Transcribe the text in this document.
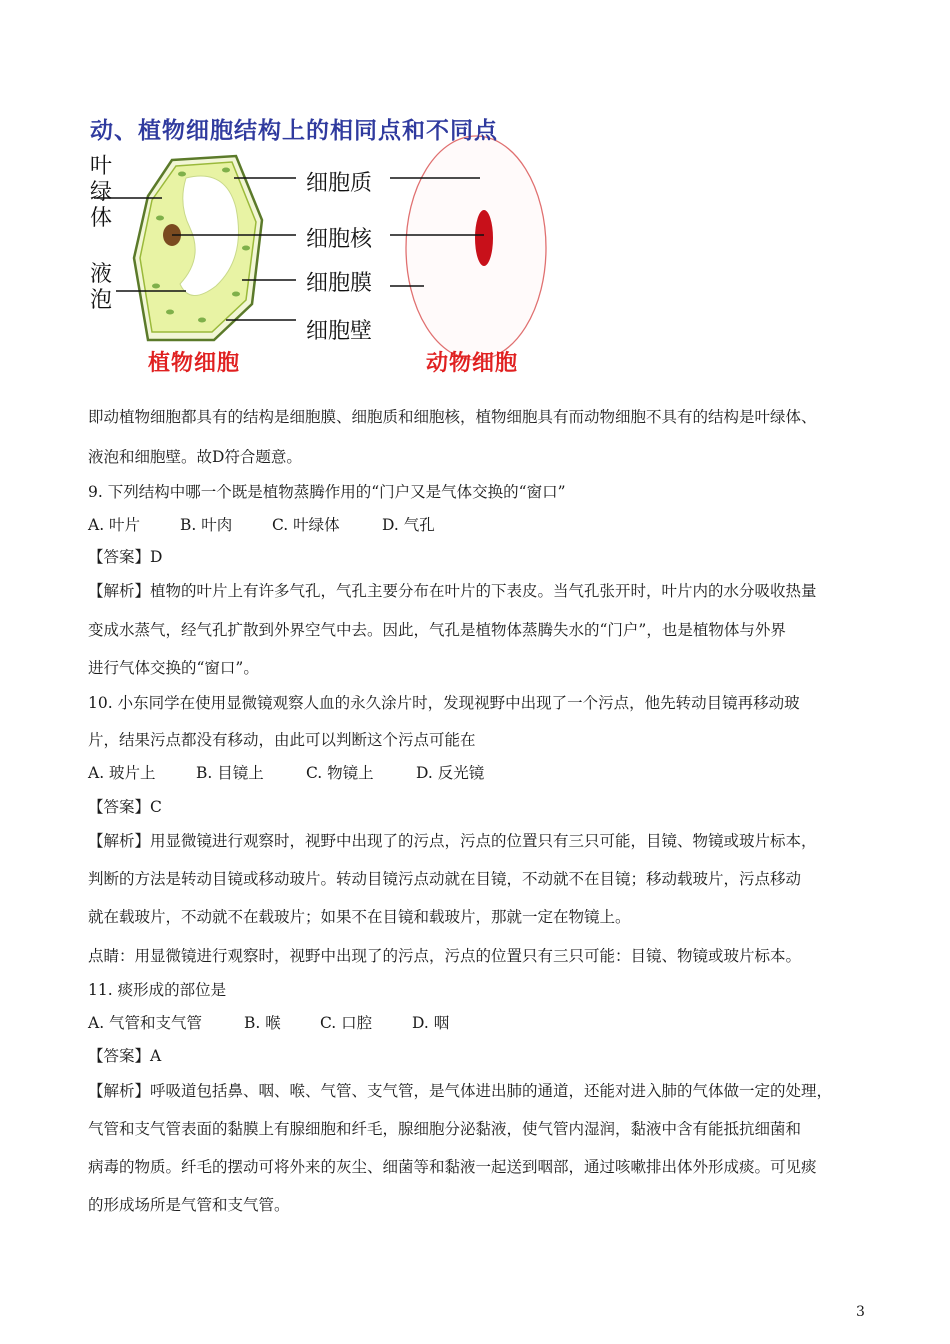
动、植物细胞结构上的相同点和不同点
叶绿体
液泡
细胞质
细胞核
细胞膜
细胞壁
植物细胞	动物细胞
即动植物细胞都具有的结构是细胞膜、细胞质和细胞核，植物细胞具有而动物细胞不具有的结构是叶绿体、
液泡和细胞壁。故D符合题意。
9. 下列结构中哪一个既是植物蒸腾作用的“门户又是气体交换的“窗口”
A. 叶片	B. 叶肉	C. 叶绿体	D. 气孔
【答案】D
【解析】植物的叶片上有许多气孔，气孔主要分布在叶片的下表皮。当气孔张开时，叶片内的水分吸收热量
变成水蒸气，经气孔扩散到外界空气中去。因此，气孔是植物体蒸腾失水的“门户”，也是植物体与外界
进行气体交换的“窗口”。
10. 小东同学在使用显微镜观察人血的永久涂片时，发现视野中出现了一个污点，他先转动目镜再移动玻
片，结果污点都没有移动，由此可以判断这个污点可能在
A. 玻片上	B. 目镜上	C. 物镜上	D. 反光镜
【答案】C
【解析】用显微镜进行观察时，视野中出现了的污点，污点的位置只有三只可能，目镜、物镜或玻片标本，
判断的方法是转动目镜或移动玻片。转动目镜污点动就在目镜，不动就不在目镜；移动载玻片，污点移动
就在载玻片，不动就不在载玻片；如果不在目镜和载玻片，那就一定在物镜上。
点睛：用显微镜进行观察时，视野中出现了的污点，污点的位置只有三只可能：目镜、物镜或玻片标本。
11. 痰形成的部位是
A. 气管和支气管	B. 喉	C. 口腔	D. 咽
【答案】A
【解析】呼吸道包括鼻、咽、喉、气管、支气管，是气体进出肺的通道，还能对进入肺的气体做一定的处理，
气管和支气管表面的黏膜上有腺细胞和纤毛，腺细胞分泌黏液，使气管内湿润，黏液中含有能抵抗细菌和
病毒的物质。纤毛的摆动可将外来的灰尘、细菌等和黏液一起送到咽部，通过咳嗽排出体外形成痰。可见痰
的形成场所是气管和支气管。
3
